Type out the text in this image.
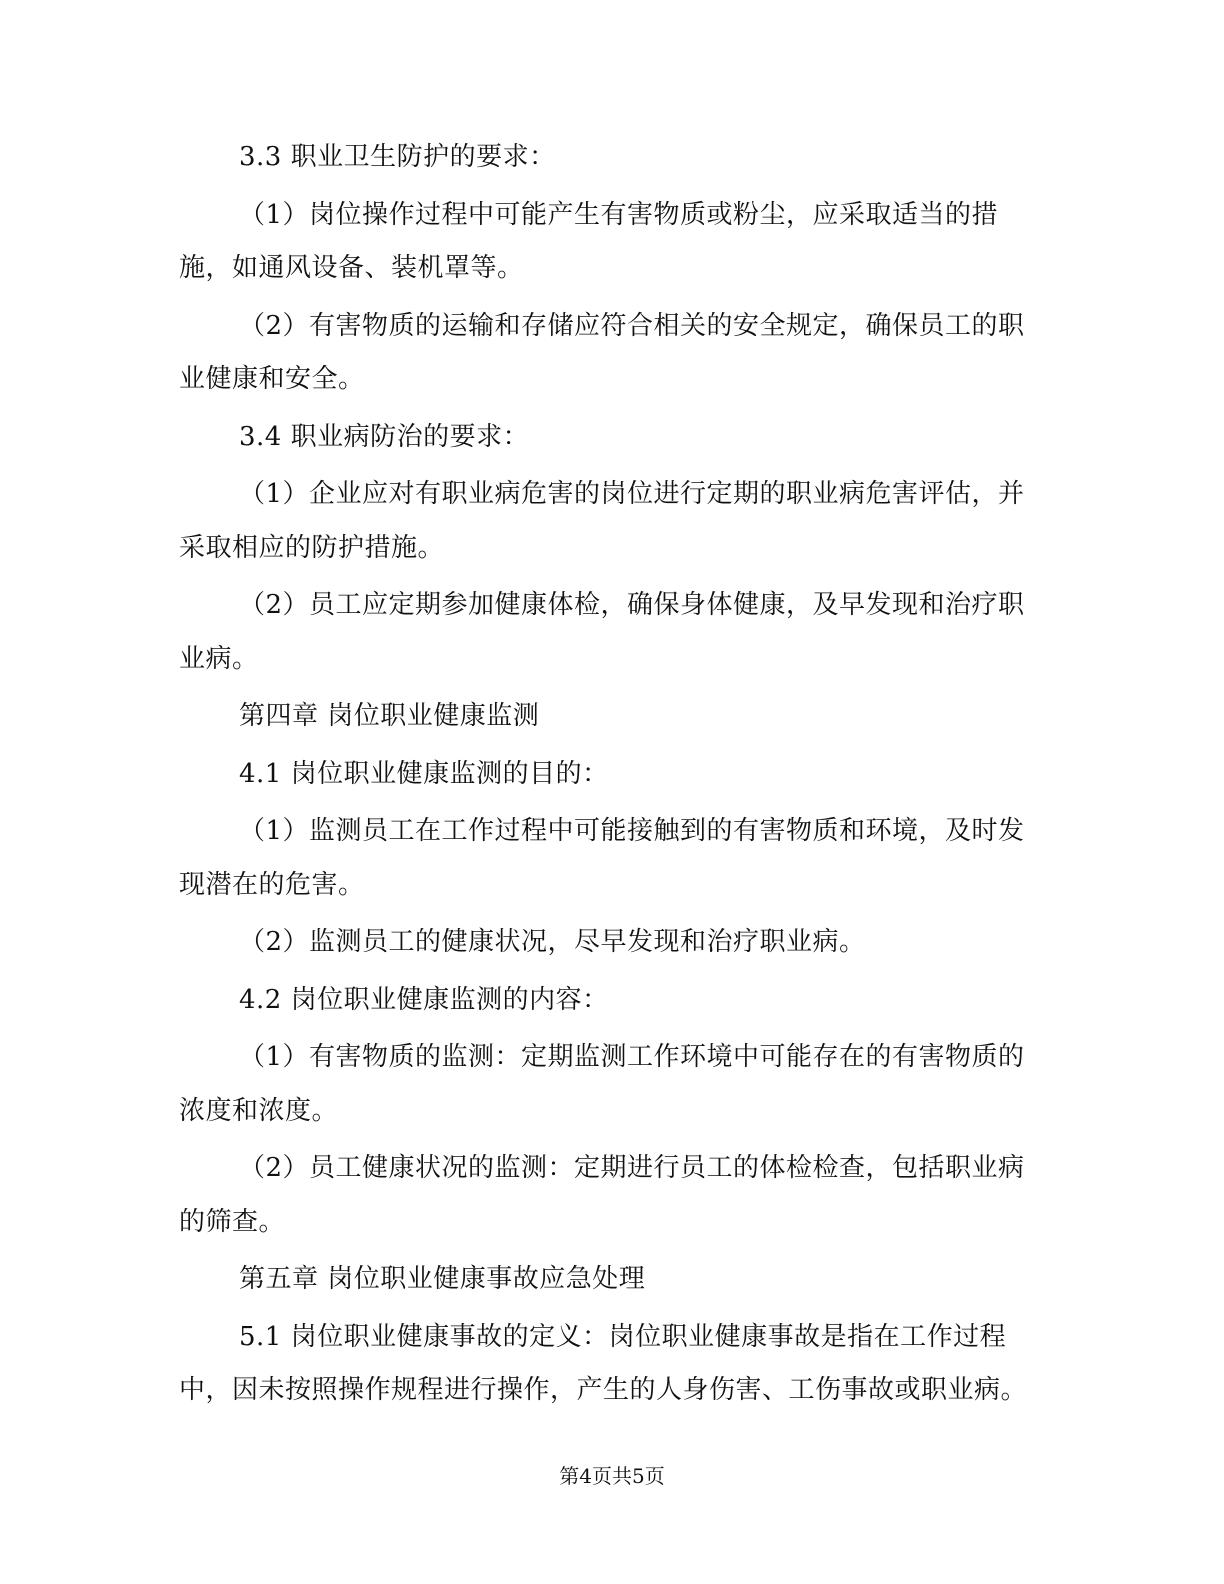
3.3 职业卫生防护的要求：

（1）岗位操作过程中可能产生有害物质或粉尘，应采取适当的措施，如通风设备、装机罩等。

（2）有害物质的运输和存储应符合相关的安全规定，确保员工的职业健康和安全。

3.4 职业病防治的要求：

（1）企业应对有职业病危害的岗位进行定期的职业病危害评估，并采取相应的防护措施。

（2）员工应定期参加健康体检，确保身体健康，及早发现和治疗职业病。

第四章 岗位职业健康监测

4.1 岗位职业健康监测的目的：

（1）监测员工在工作过程中可能接触到的有害物质和环境，及时发现潜在的危害。

（2）监测员工的健康状况，尽早发现和治疗职业病。

4.2 岗位职业健康监测的内容：

（1）有害物质的监测：定期监测工作环境中可能存在的有害物质的浓度和浓度。

（2）员工健康状况的监测：定期进行员工的体检检查，包括职业病的筛查。

第五章 岗位职业健康事故应急处理

5.1 岗位职业健康事故的定义：岗位职业健康事故是指在工作过程中，因未按照操作规程进行操作，产生的人身伤害、工伤事故或职业病。

第4页共5页
